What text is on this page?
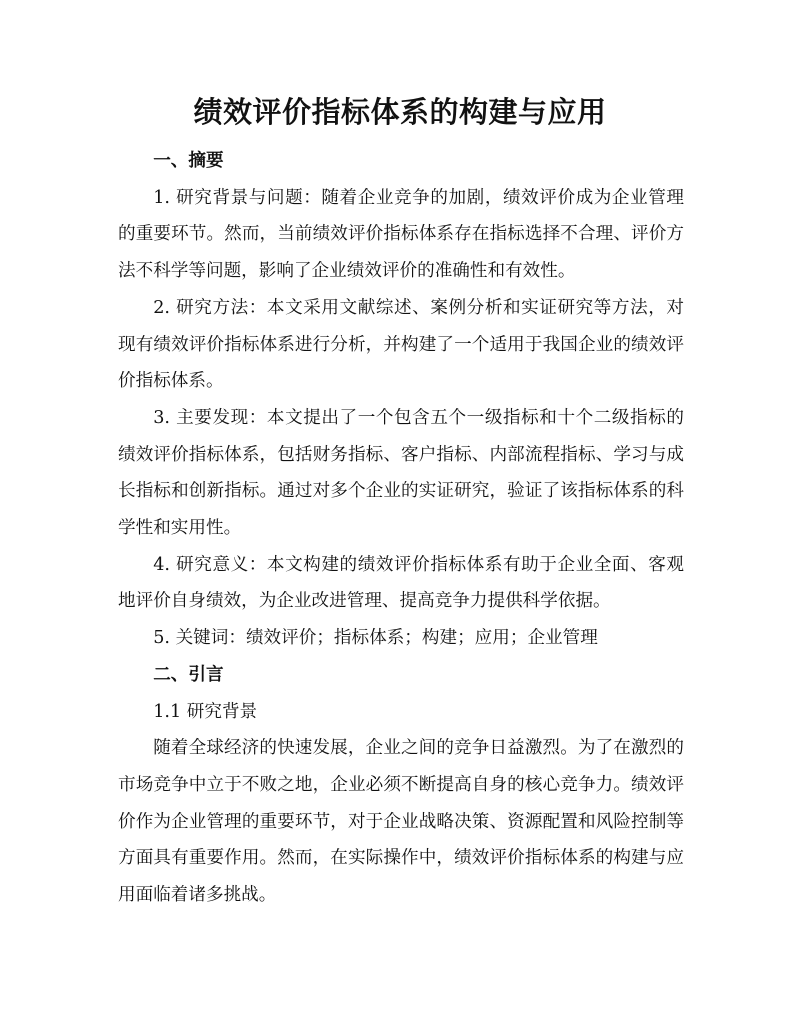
绩效评价指标体系的构建与应用

一、摘要

1. 研究背景与问题：随着企业竞争的加剧，绩效评价成为企业管理的重要环节。然而，当前绩效评价指标体系存在指标选择不合理、评价方法不科学等问题，影响了企业绩效评价的准确性和有效性。

2. 研究方法：本文采用文献综述、案例分析和实证研究等方法，对现有绩效评价指标体系进行分析，并构建了一个适用于我国企业的绩效评价指标体系。

3. 主要发现：本文提出了一个包含五个一级指标和十个二级指标的绩效评价指标体系，包括财务指标、客户指标、内部流程指标、学习与成长指标和创新指标。通过对多个企业的实证研究，验证了该指标体系的科学性和实用性。

4. 研究意义：本文构建的绩效评价指标体系有助于企业全面、客观地评价自身绩效，为企业改进管理、提高竞争力提供科学依据。

5. 关键词：绩效评价；指标体系；构建；应用；企业管理

二、引言

1.1 研究背景

随着全球经济的快速发展，企业之间的竞争日益激烈。为了在激烈的市场竞争中立于不败之地，企业必须不断提高自身的核心竞争力。绩效评价作为企业管理的重要环节，对于企业战略决策、资源配置和风险控制等方面具有重要作用。然而，在实际操作中，绩效评价指标体系的构建与应用面临着诸多挑战。
